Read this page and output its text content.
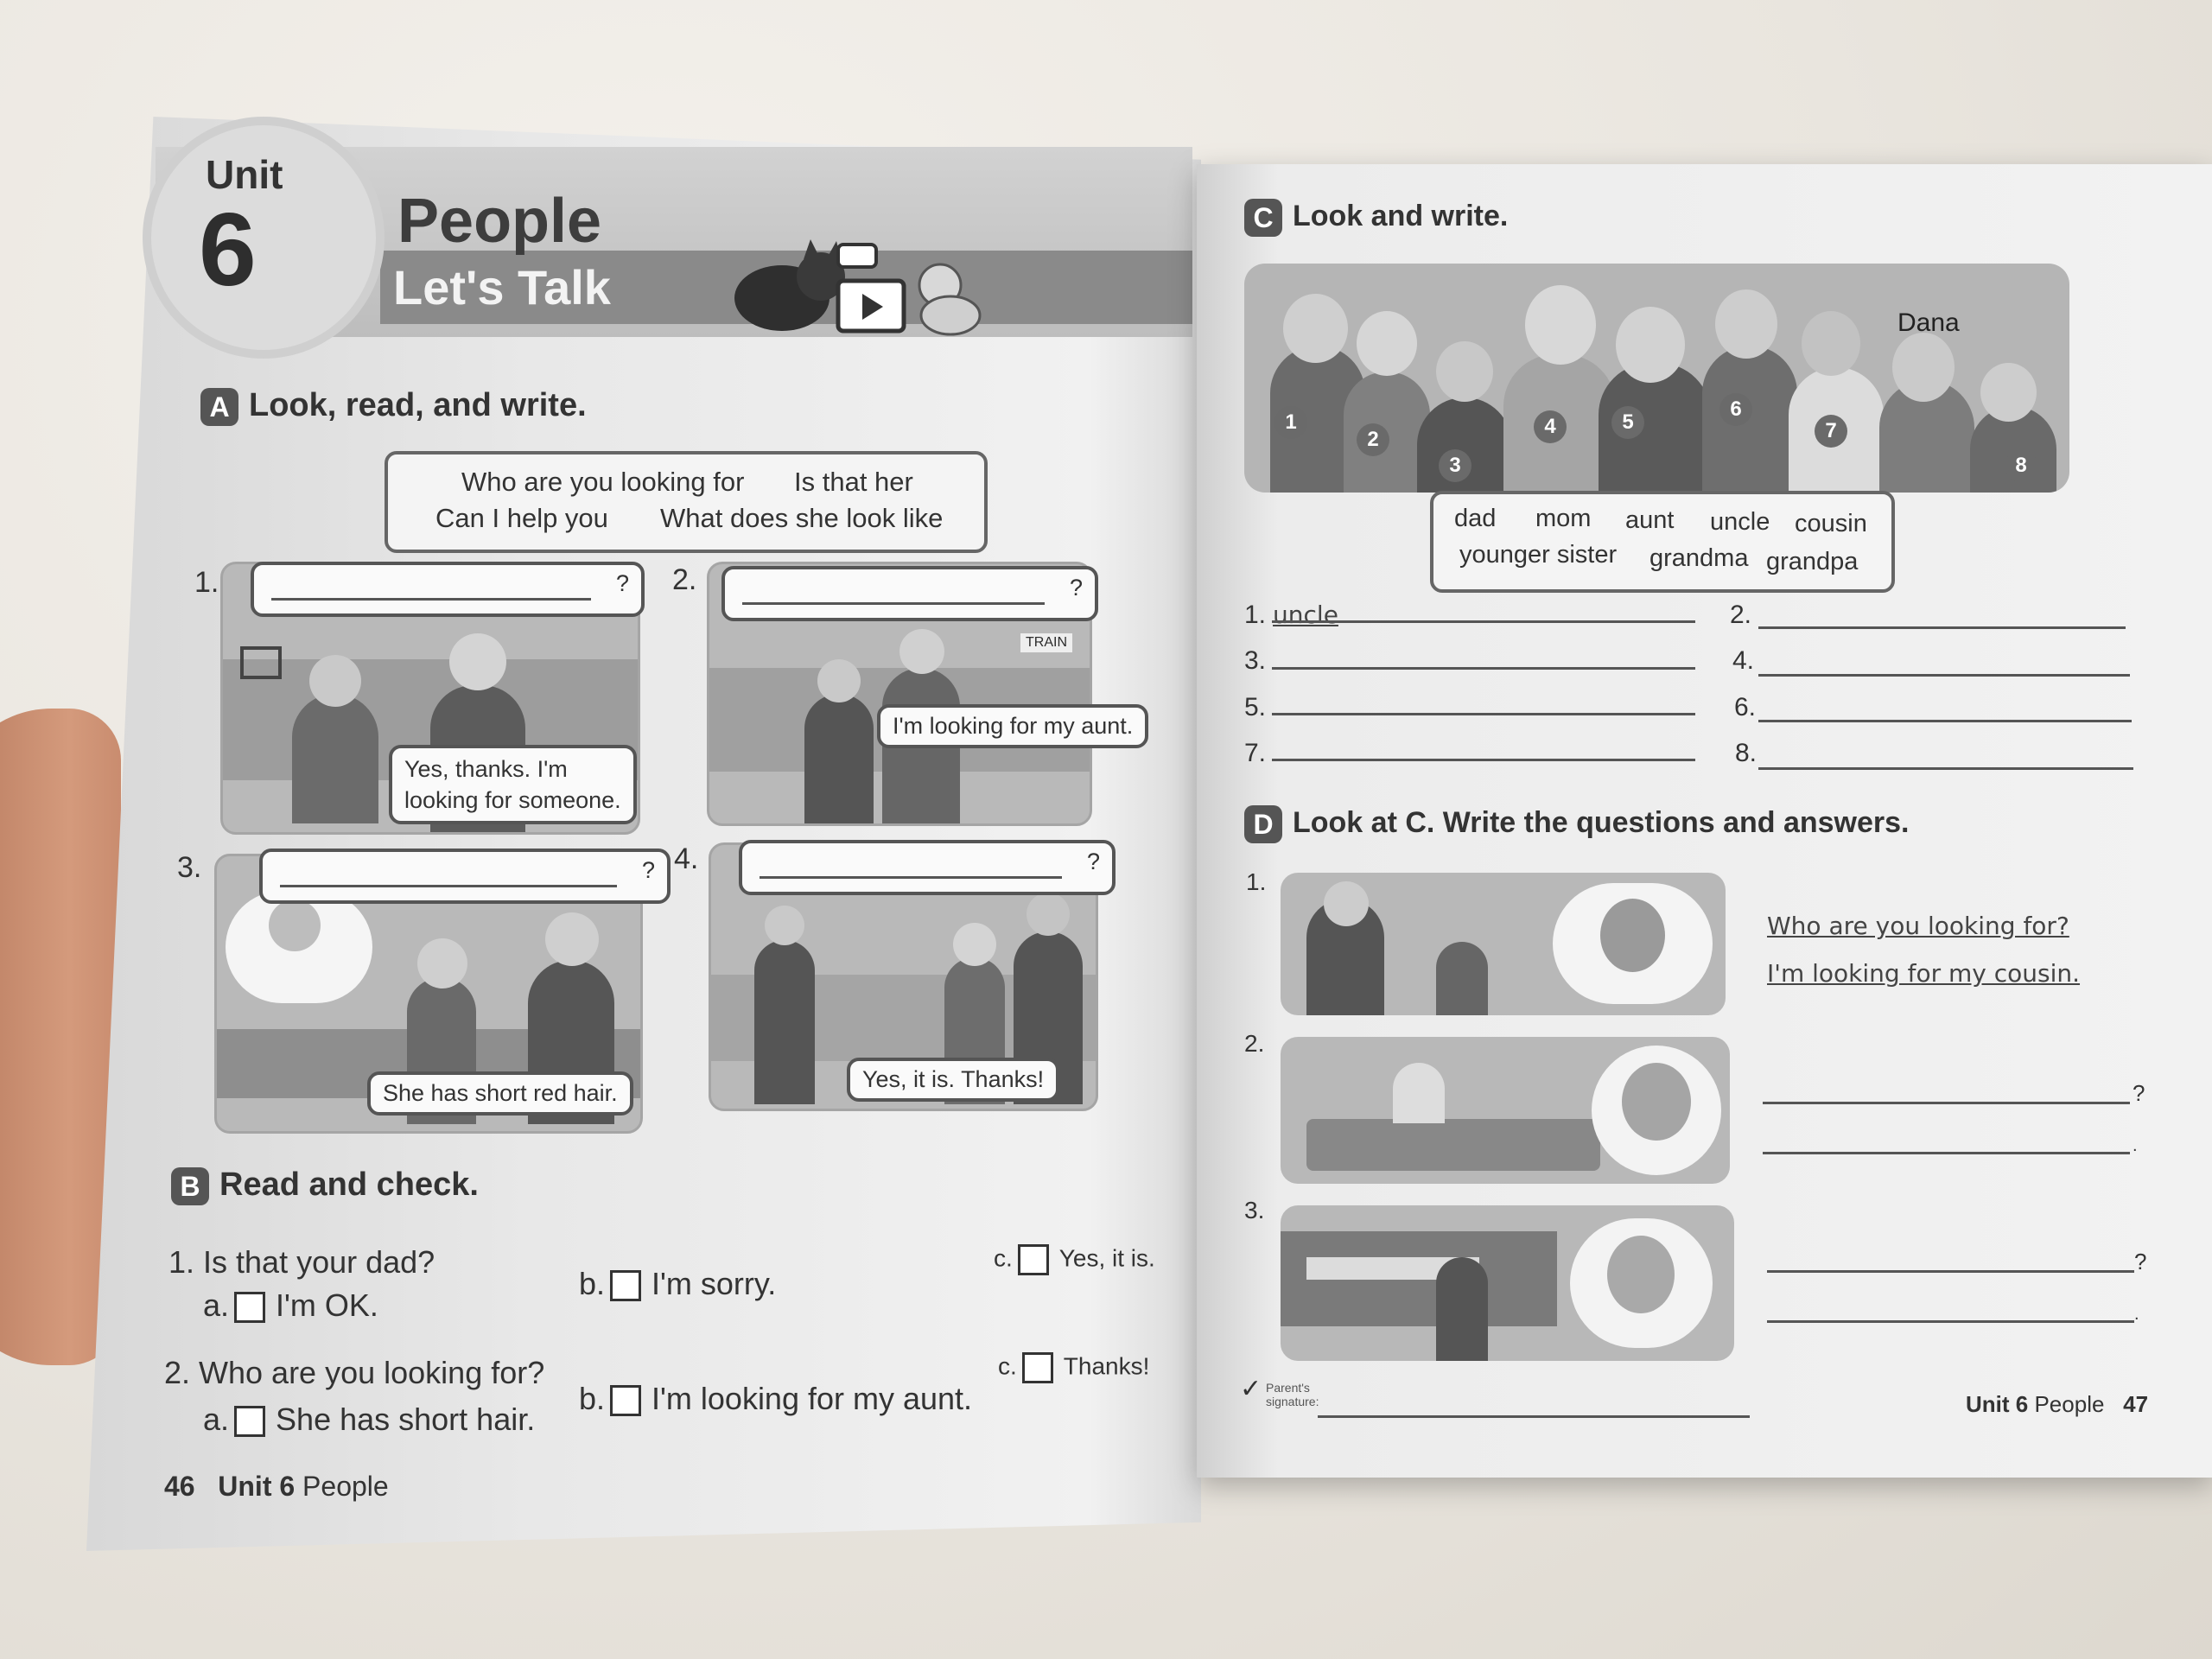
Unit
6 People
Let's Talk
A Look, read, and write.
Who are you looking for Is that her
Can I help you What does she look like
1.	?
Yes, thanks. I'm
looking for someone.
2.
TRAIN
?
I'm looking for my aunt.
3.	?
She has short red hair.
4.	?
Yes, it is. Thanks!
B Read and check.
1. Is that your dad?
a. I'm OK.
b. I'm sorry.
c. Yes, it is.
2. Who are you looking for?
a. She has short hair.
b. I'm looking for my aunt.
c. Thanks!
46 Unit 6 People
C Look and write.
1
2
3
4	5
6
7
8
Dana
dad mom aunt uncle cousin
younger sister grandma grandpa
1. uncle	2.
3.	4.
5.	6.
7.	8.
D Look at C. Write the questions and answers.
1.
Who are you looking for?
I'm looking for my cousin.
2.
?
.
3.
?
.
✓ Parent's signature:	Unit 6 People 47
